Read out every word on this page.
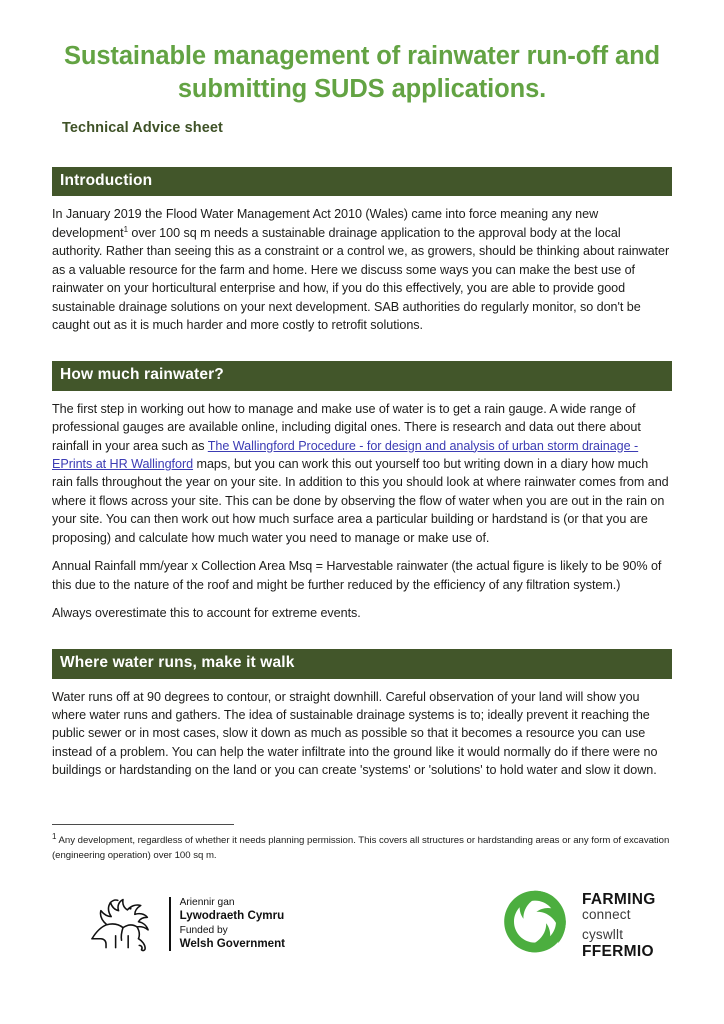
Sustainable management of rainwater run-off and submitting SUDS applications.
Technical Advice sheet
Introduction

In January 2019 the Flood Water Management Act 2010 (Wales) came into force meaning any new development$^1$ over 100 sq m needs a sustainable drainage application to the approval body at the local authority. Rather than seeing this as a constraint or a control we, as growers, should be thinking about rainwater as a valuable resource for the farm and home. Here we discuss some ways you can make the best use of rainwater on your horticultural enterprise and how, if you do this effectively, you are able to provide good sustainable drainage solutions on your next development. SAB authorities do regularly monitor, so don't be caught out as it is much harder and more costly to retrofit solutions.

How much rainwater?

The first step in working out how to manage and make use of water is to get a rain gauge. A wide range of professional gauges are available online, including digital ones. There is research and data out there about rainfall in your area such as The Wallingford Procedure - for design and analysis of urban storm drainage - EPrints at HR Wallingford maps, but you can work this out yourself too but writing down in a diary how much rain falls throughout the year on your site. In addition to this you should look at where rainwater comes from and where it flows across your site. This can be done by observing the flow of water when you are out in the rain on your site. You can then work out how much surface area a particular building or hardstand is (or that you are proposing) and calculate how much water you need to manage or make use of.

Annual Rainfall mm/year x Collection Area Msq = Harvestable rainwater (the actual figure is likely to be 90% of this due to the nature of the roof and might be further reduced by the efficiency of any filtration system.)

Always overestimate this to account for extreme events.

Where water runs, make it walk

Water runs off at 90 degrees to contour, or straight downhill. Careful observation of your land will show you where water runs and gathers. The idea of sustainable drainage systems is to; ideally prevent it reaching the public sewer or in most cases, slow it down as much as possible so that it becomes a resource you can use instead of a problem. You can help the water infiltrate into the ground like it would normally do if there were no buildings or hardstanding on the land or you can create 'systems' or 'solutions' to hold water and slow it down.

$^1$ Any development, regardless of whether it needs planning permission. This covers all structures or hardstanding areas or any form of excavation (engineering operation) over 100 sq m.

Ariennir gan
Lywodraeth Cymru
Funded by
Welsh Government
FARMING
connect
cyswllt
FFERMIO
